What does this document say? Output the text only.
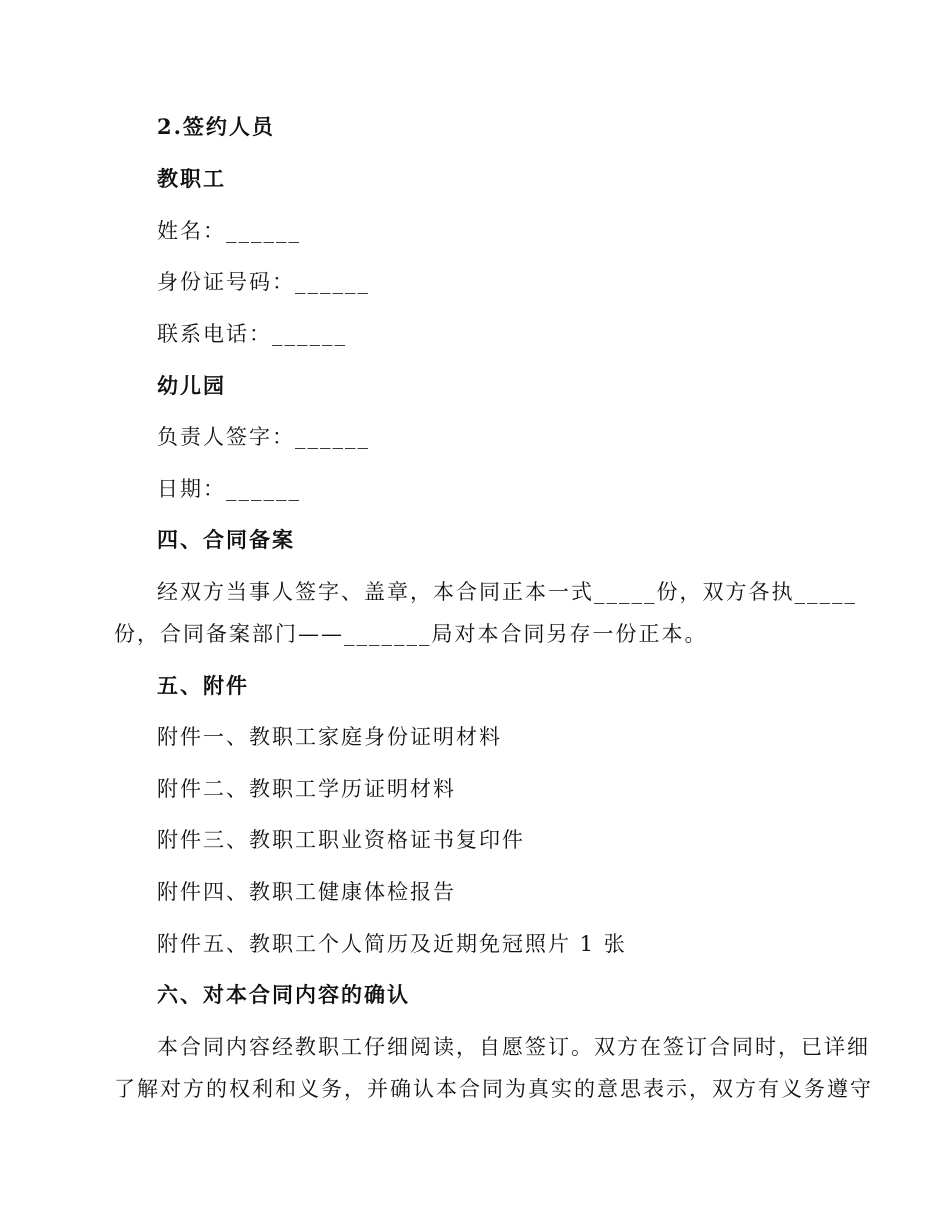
2.签约人员
教职工
姓名：______
身份证号码：______
联系电话：______
幼儿园
负责人签字：______
日期：______
四、合同备案
经双方当事人签字、盖章，本合同正本一式_____份，双方各执_____
份，合同备案部门——_______局对本合同另存一份正本。
五、附件
附件一、教职工家庭身份证明材料
附件二、教职工学历证明材料
附件三、教职工职业资格证书复印件
附件四、教职工健康体检报告
附件五、教职工个人简历及近期免冠照片 1 张
六、对本合同内容的确认
本合同内容经教职工仔细阅读，自愿签订。双方在签订合同时，已详细
了解对方的权利和义务，并确认本合同为真实的意思表示，双方有义务遵守
